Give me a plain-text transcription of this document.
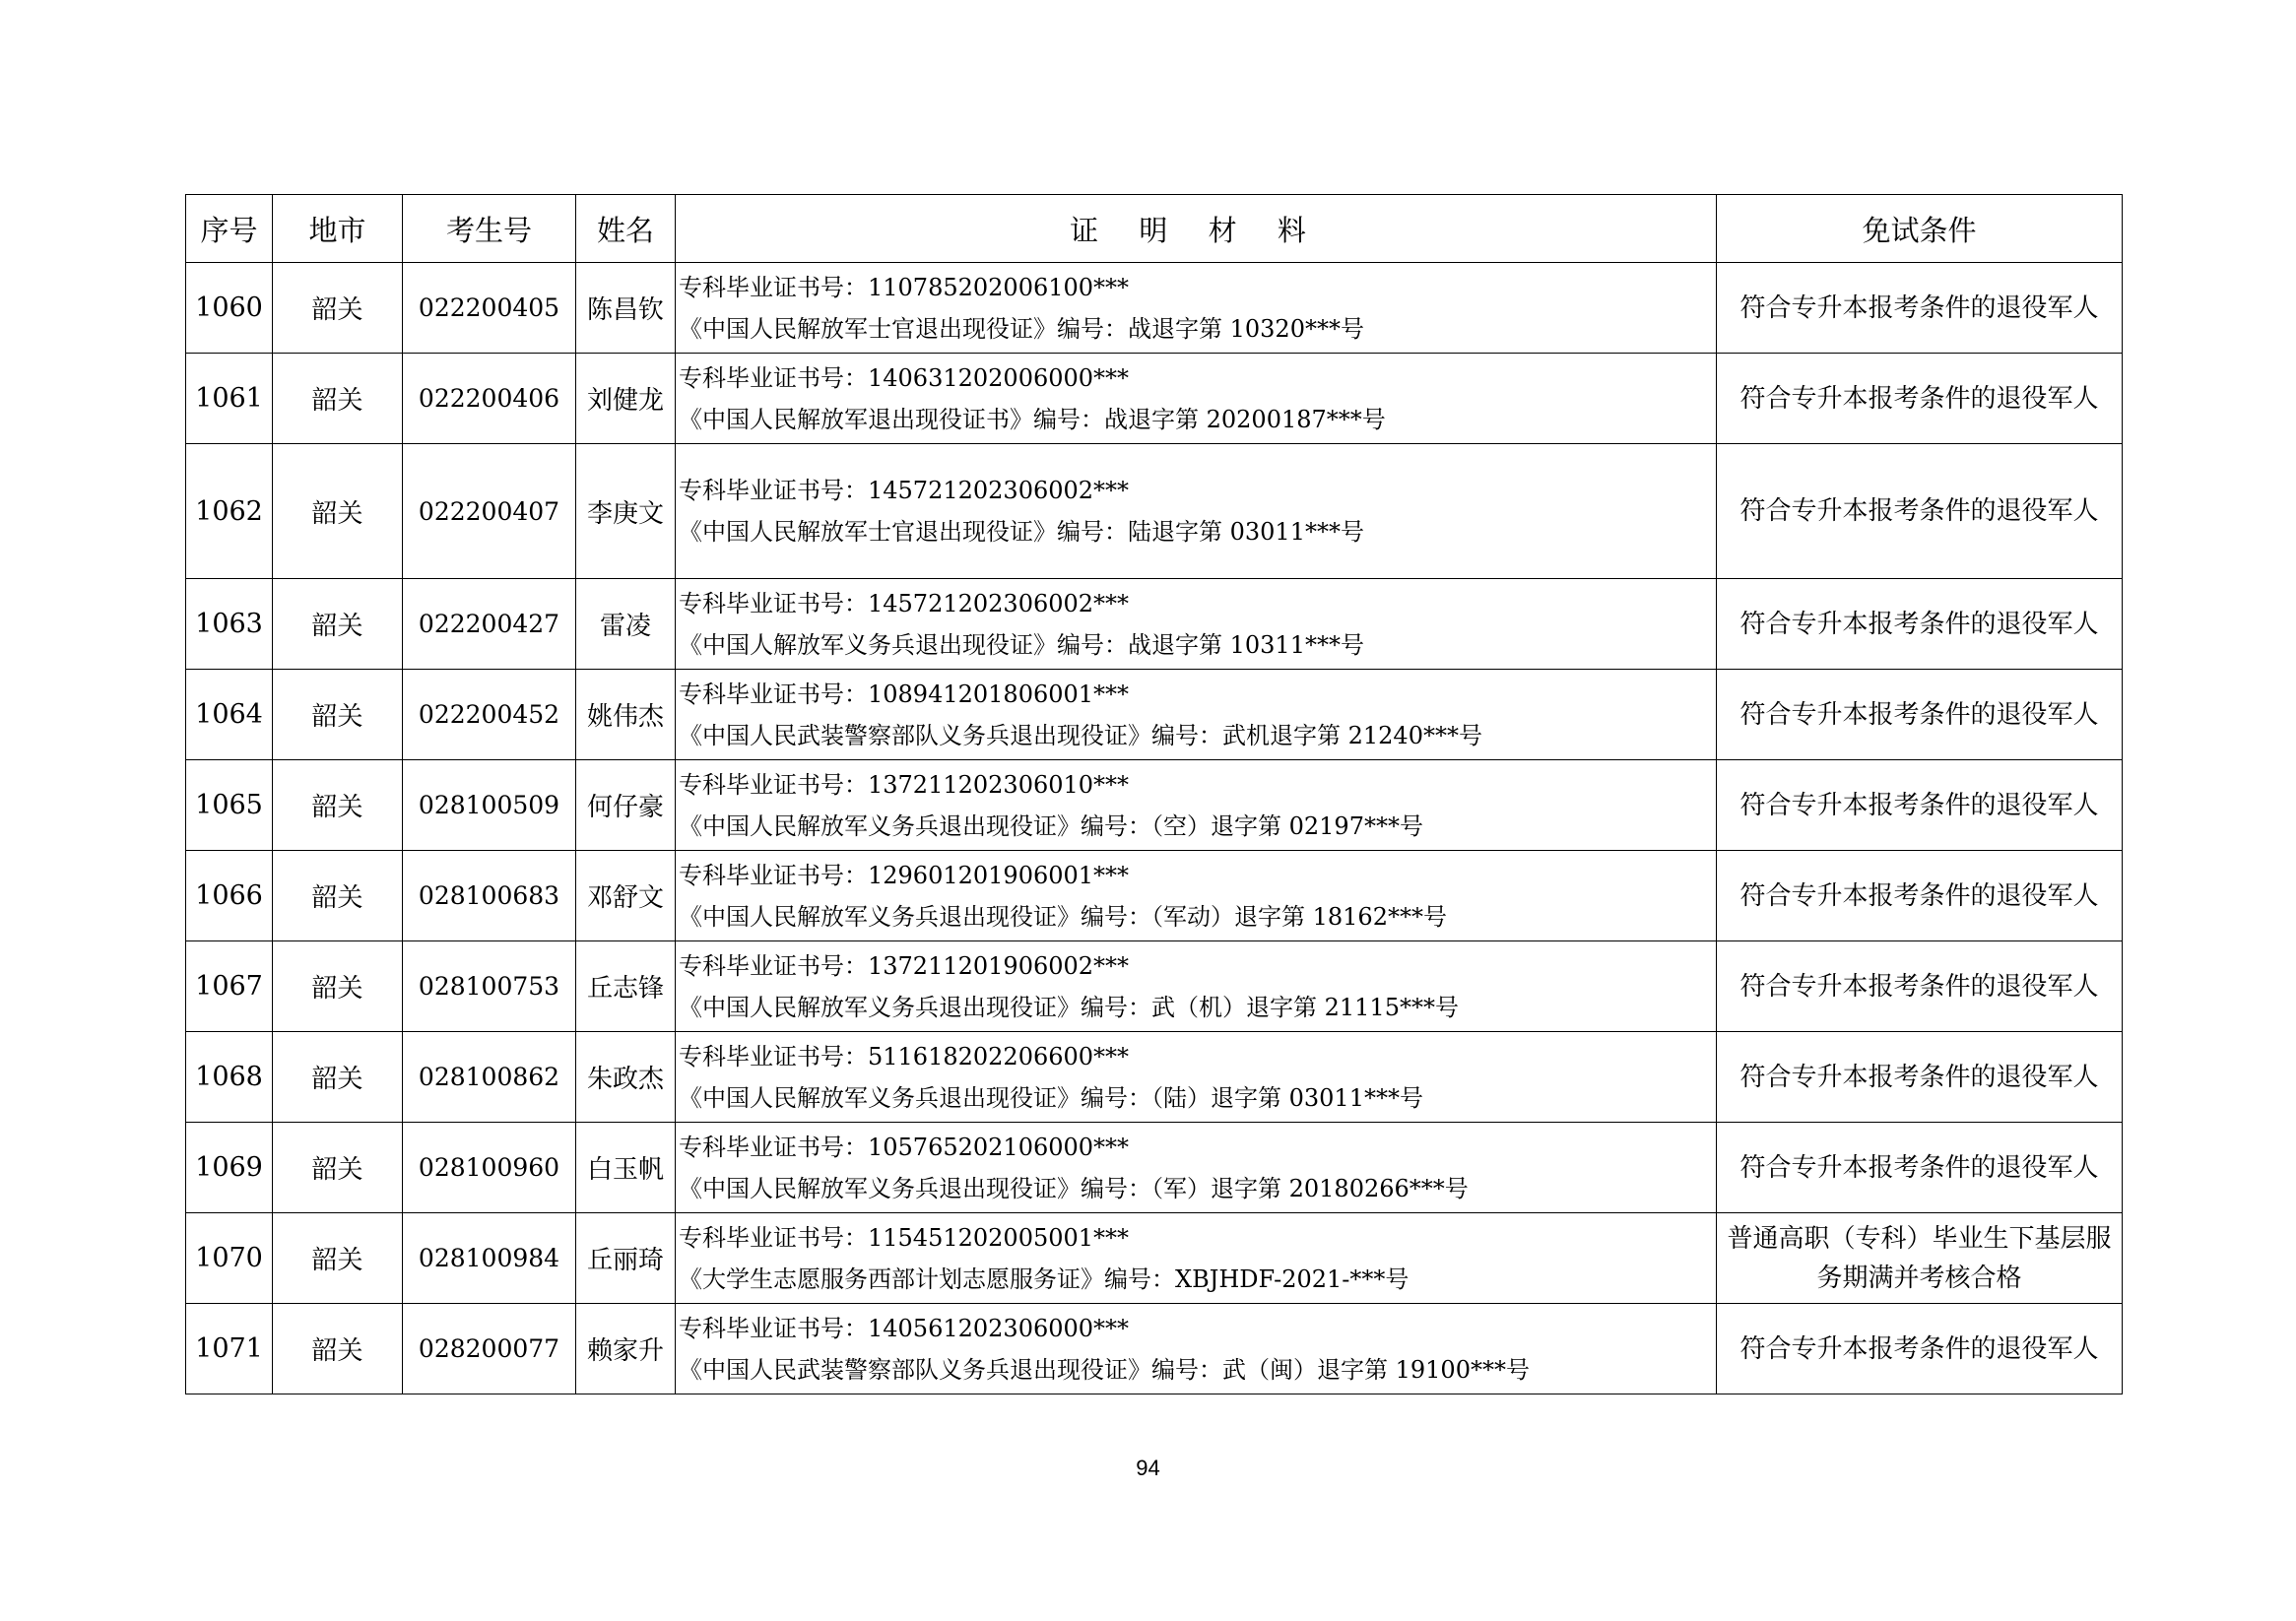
序号	地市	考生号	姓名	证 明 材 料	免试条件
1060	韶关	022200405	陈昌钦	专科毕业证书号：110785202006100***
《中国人民解放军士官退出现役证》编号：战退字第 10320***号	符合专升本报考条件的退役军人
1061	韶关	022200406	刘健龙	专科毕业证书号：140631202006000***
《中国人民解放军退出现役证书》编号：战退字第 20200187***号	符合专升本报考条件的退役军人
1062	韶关	022200407	李庚文	专科毕业证书号：145721202306002***
《中国人民解放军士官退出现役证》编号：陆退字第 03011***号	符合专升本报考条件的退役军人
1063	韶关	022200427	雷凌	专科毕业证书号：145721202306002***
《中国人解放军义务兵退出现役证》编号：战退字第 10311***号	符合专升本报考条件的退役军人
1064	韶关	022200452	姚伟杰	专科毕业证书号：108941201806001***
《中国人民武装警察部队义务兵退出现役证》编号：武机退字第 21240***号	符合专升本报考条件的退役军人
1065	韶关	028100509	何仔豪	专科毕业证书号：137211202306010***
《中国人民解放军义务兵退出现役证》编号：（空）退字第 02197***号	符合专升本报考条件的退役军人
1066	韶关	028100683	邓舒文	专科毕业证书号：129601201906001***
《中国人民解放军义务兵退出现役证》编号：（军动）退字第 18162***号	符合专升本报考条件的退役军人
1067	韶关	028100753	丘志锋	专科毕业证书号：137211201906002***
《中国人民解放军义务兵退出现役证》编号：武（机）退字第 21115***号	符合专升本报考条件的退役军人
1068	韶关	028100862	朱政杰	专科毕业证书号：511618202206600***
《中国人民解放军义务兵退出现役证》编号：（陆）退字第 03011***号	符合专升本报考条件的退役军人
1069	韶关	028100960	白玉帆	专科毕业证书号：105765202106000***
《中国人民解放军义务兵退出现役证》编号：（军）退字第 20180266***号	符合专升本报考条件的退役军人
1070	韶关	028100984	丘丽琦	专科毕业证书号：115451202005001***
《大学生志愿服务西部计划志愿服务证》编号：XBJHDF-2021-***号	普通高职（专科）毕业生下基层服务期满并考核合格
1071	韶关	028200077	赖家升	专科毕业证书号：140561202306000***
《中国人民武装警察部队义务兵退出现役证》编号：武（闽）退字第 19100***号	符合专升本报考条件的退役军人
94
